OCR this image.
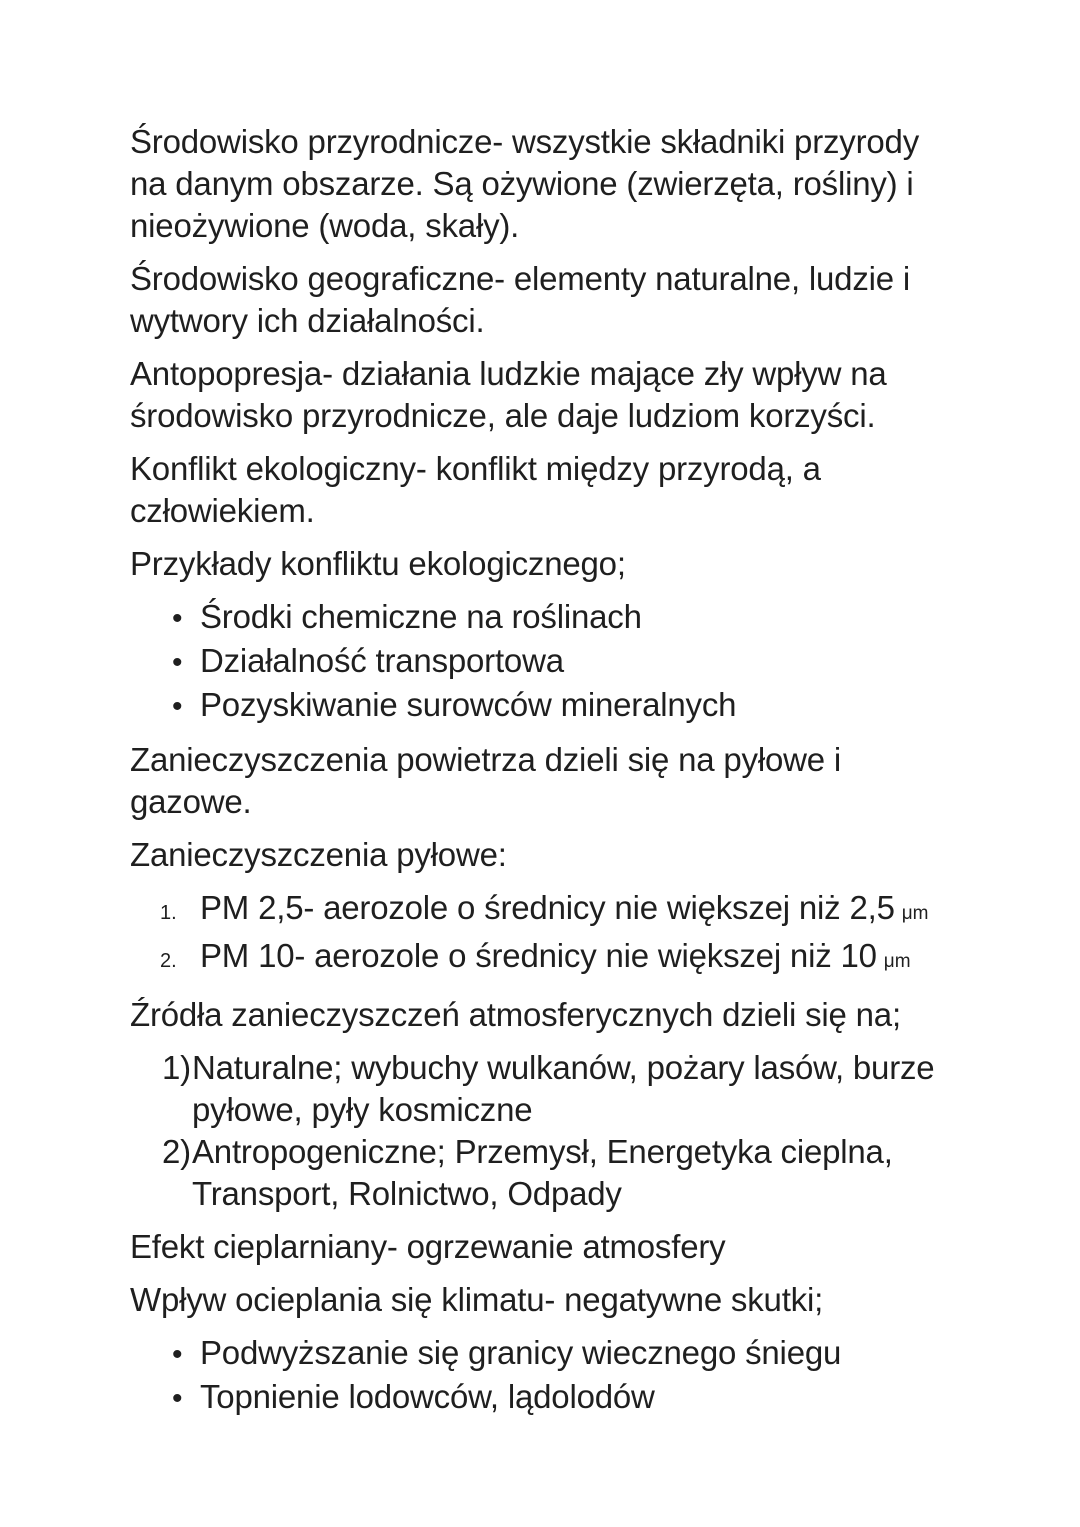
Środowisko przyrodnicze- wszystkie składniki przyrody
na danym obszarze. Są ożywione (zwierzęta, rośliny) i
nieożywione (woda, skały).
Środowisko geograficzne- elementy naturalne, ludzie i
wytwory ich działalności.
Antopopresja- działania ludzkie mające zły wpływ na
środowisko przyrodnicze, ale daje ludziom korzyści.
Konflikt ekologiczny- konflikt między przyrodą, a
człowiekiem.
Przykłady konfliktu ekologicznego;
• Środki chemiczne na roślinach
• Działalność transportowa
• Pozyskiwanie surowców mineralnych
Zanieczyszczenia powietrza dzieli się na pyłowe i
gazowe.
Zanieczyszczenia pyłowe:
1. PM 2,5- aerozole o średnicy nie większej niż 2,5 μm
2. PM 10- aerozole o średnicy nie większej niż 10 μm
Źródła zanieczyszczeń atmosferycznych dzieli się na;
1)Naturalne; wybuchy wulkanów, pożary lasów, burze
pyłowe, pyły kosmiczne
2)Antropogeniczne; Przemysł, Energetyka cieplna,
Transport, Rolnictwo, Odpady
Efekt cieplarniany- ogrzewanie atmosfery
Wpływ ocieplania się klimatu- negatywne skutki;
• Podwyższanie się granicy wiecznego śniegu
• Topnienie lodowców, lądolodów
